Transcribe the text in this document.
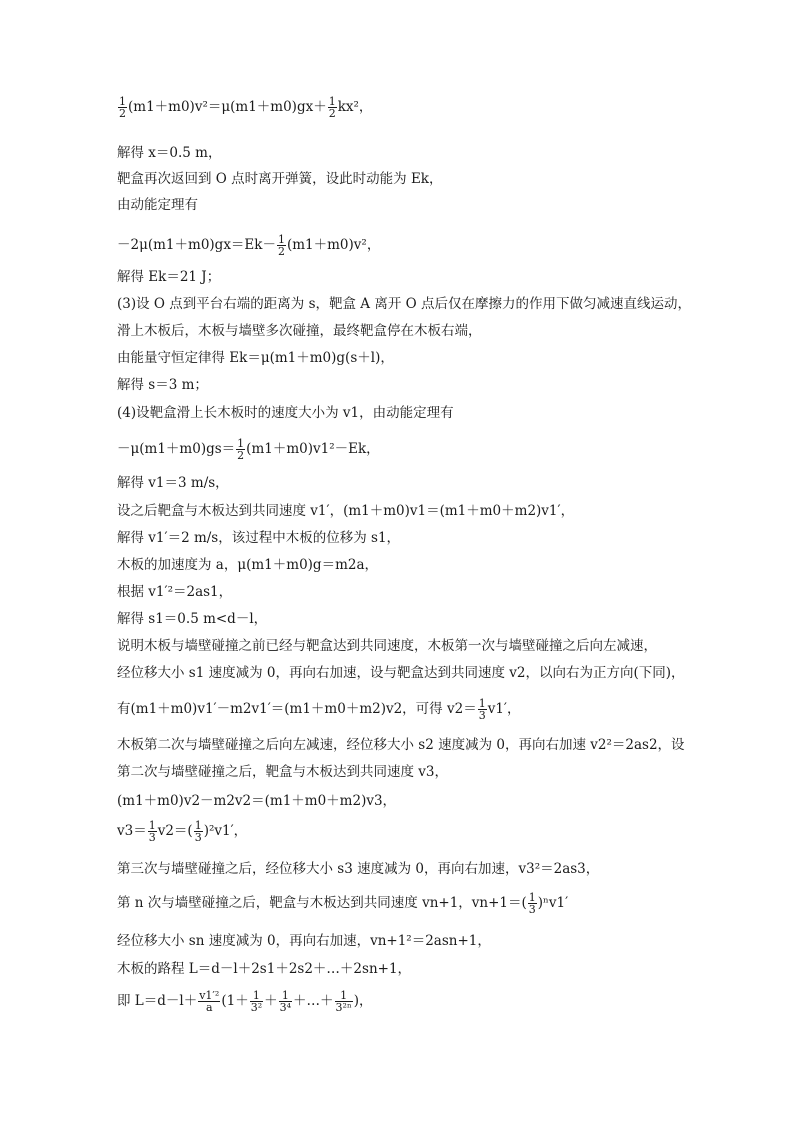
$\frac{1}{2} (m1+m0)v^2=\mu(m1+m0)gx+ \frac{1}{2} kx^2$，
解得 x＝0.5 m，
靶盒再次返回到 O 点时离开弹簧，设此时动能为 Ek，
由动能定理有
$-2\mu(m1+m0)gx=Ek- \frac{1}{2} (m1+m0)v^2$，
解得 Ek＝21 J；
(3)设 O 点到平台右端的距离为 s，靶盒 A 离开 O 点后仅在摩擦力的作用下做匀减速直线运动，
滑上木板后，木板与墙壁多次碰撞，最终靶盒停在木板右端，
由能量守恒定律得 Ek＝μ(m1＋m0)g(s＋l)，
解得 s＝3 m；
(4)设靶盒滑上长木板时的速度大小为 v1，由动能定理有
$-\mu(m1+m0)gs= \frac{1}{2} (m1+m0)v1^2-Ek$，
解得 v1＝3 m/s，
设之后靶盒与木板达到共同速度 v1′，(m1＋m0)v1＝(m1＋m0＋m2)v1′，
解得 v1′＝2 m/s，该过程中木板的位移为 s1，
木板的加速度为 a，μ(m1＋m0)g＝m2a，
根据 v1′²＝2as1，
解得 s1＝0.5 m<d－l，
说明木板与墙壁碰撞之前已经与靶盒达到共同速度，木板第一次与墙壁碰撞之后向左减速，
经位移大小 s1 速度减为 0，再向右加速，设与靶盒达到共同速度 v2，以向右为正方向(下同)，
有(m1＋m0)v1′－m2v1′＝(m1＋m0＋m2)v2，可得 $v2= \frac{1}{3} v1'$，
木板第二次与墙壁碰撞之后向左减速，经位移大小 s2 速度减为 0，再向右加速 v2²＝2as2，设
第二次与墙壁碰撞之后，靶盒与木板达到共同速度 v3，
(m1＋m0)v2－m2v2＝(m1＋m0＋m2)v3，
$v3= \frac{1}{3} v2=( \frac{1}{3} )^2v1'$，
第三次与墙壁碰撞之后，经位移大小 s3 速度减为 0，再向右加速，v3²＝2as3，
第 n 次与墙壁碰撞之后，靶盒与木板达到共同速度 vn+1，$vn+1=( \frac{1}{3} )^nv1'$
经位移大小 sn 速度减为 0，再向右加速，vn+1²＝2asn+1，
木板的路程 L＝d－l＋2s1＋2s2＋…＋2sn+1，
即 $L=d-l+ \frac{\text{v1′²}}{a} (1+ \frac{1}{\text{3²}} + \frac{1}{\text{3⁴}}$ ＋…＋ $\frac{1}{\text{3²ⁿ}}$ )，
